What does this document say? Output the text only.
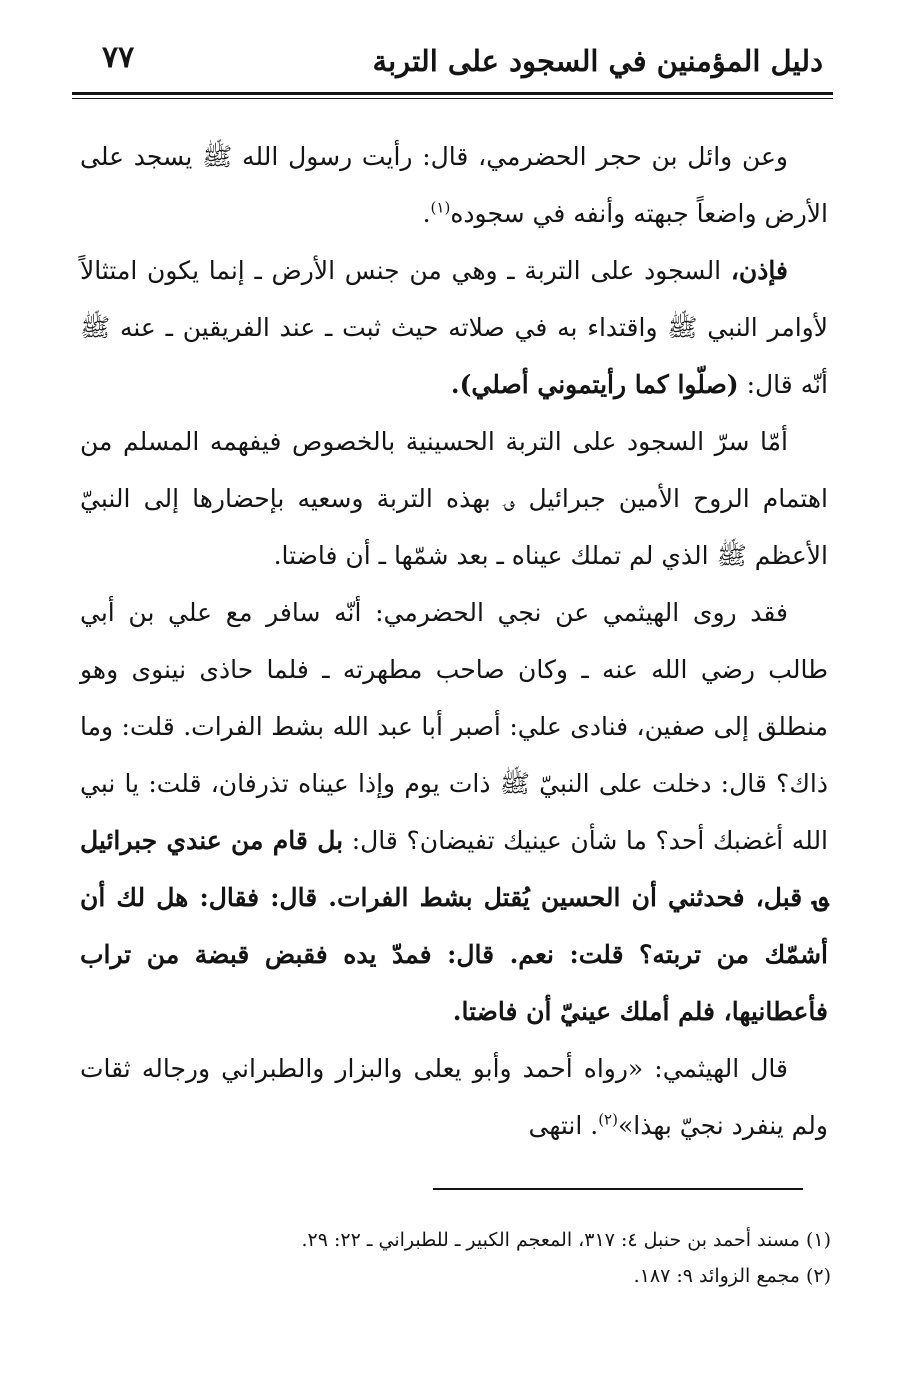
دليل المؤمنين في السجود على التربة
٧٧

وعن وائل بن حجر الحضرمي، قال: رأيت رسول الله ﷺ يسجد على الأرض واضعاً جبهته وأنفه في سجوده$^{(١)}$.

فإذن، السجود على التربة ـ وهي من جنس الأرض ـ إنما يكون امتثالاً لأوامر النبي ﷺ واقتداء به في صلاته حيث ثبت ـ عند الفريقين ـ عنه ﷺ أنّه قال: (صلّوا كما رأيتموني أصلي).

أمّا سرّ السجود على التربة الحسينية بالخصوص فيفهمه المسلم من اهتمام الروح الأمين جبرائيل ؈ بهذه التربة وسعيه بإحضارها إلى النبيّ الأعظم ﷺ الذي لم تملك عيناه ـ بعد شمّها ـ أن فاضتا.

فقد روى الهيثمي عن نجي الحضرمي: أنّه سافر مع علي بن أبي طالب رضي الله عنه ـ وكان صاحب مطهرته ـ فلما حاذى نينوى وهو منطلق إلى صفين، فنادى علي: أصبر أبا عبد الله بشط الفرات. قلت: وما ذاك؟ قال: دخلت على النبيّ ﷺ ذات يوم وإذا عيناه تذرفان، قلت: يا نبي الله أغضبك أحد؟ ما شأن عينيك تفيضان؟ قال: بل قام من عندي جبرائيل ؈ قبل، فحدثني أن الحسين يُقتل بشط الفرات. قال: فقال: هل لك أن أشمّك من تربته؟ قلت: نعم. قال: فمدّ يده فقبض قبضة من تراب فأعطانيها، فلم أملك عينيّ أن فاضتا.

قال الهيثمي: «رواه أحمد وأبو يعلى والبزار والطبراني ورجاله ثقات ولم ينفرد نجيّ بهذا»$^{(٢)}$. انتهى

(١) مسند أحمد بن حنبل ٤: ٣١٧، المعجم الكبير ـ للطبراني ـ ٢٢: ٢٩.

(٢) مجمع الزوائد ٩: ١٨٧.
